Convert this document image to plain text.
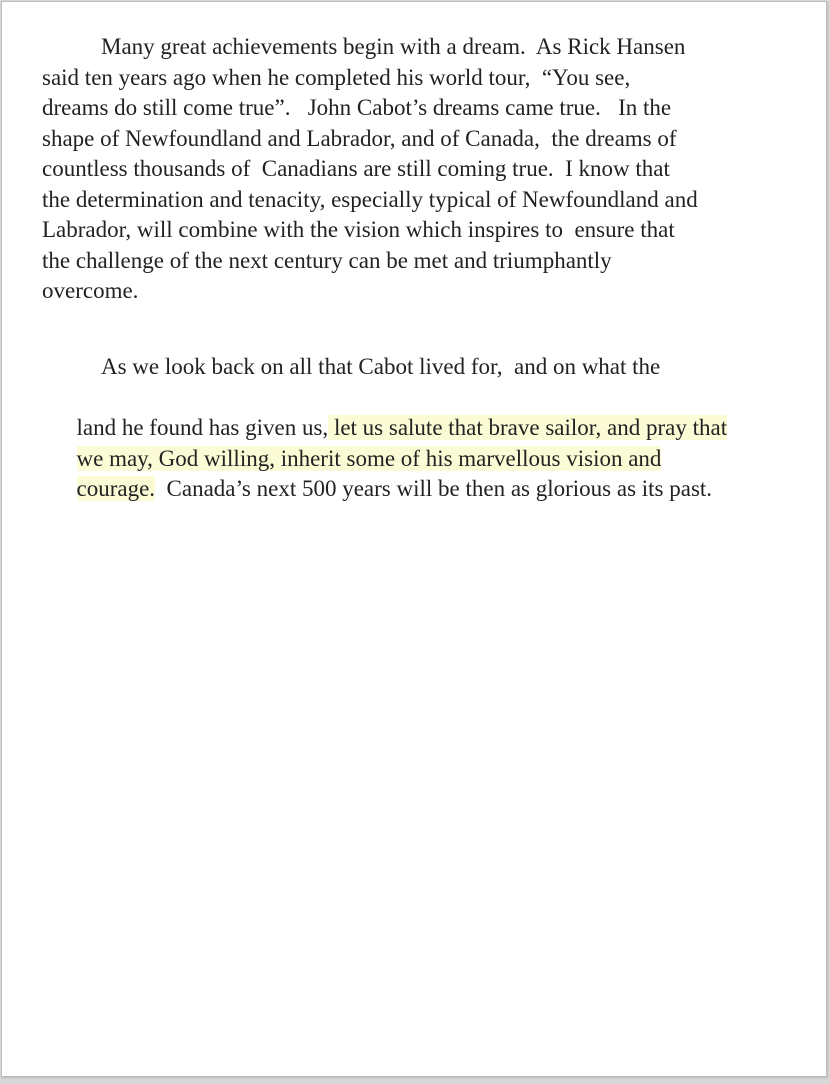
Many great achievements begin with a dream.  As Rick Hansen
said ten years ago when he completed his world tour,  “You see,
dreams do still come true”.   John Cabot’s dreams came true.   In the
shape of Newfoundland and Labrador, and of Canada,  the dreams of
countless thousands of  Canadians are still coming true.  I know that
the determination and tenacity, especially typical of Newfoundland and
Labrador, will combine with the vision which inspires to  ensure that
the challenge of the next century can be met and triumphantly
overcome.

As we look back on all that Cabot lived for,  and on what the

land he found has given us, let us salute that brave sailor, and pray that

we may, God willing, inherit some of his marvellous vision and

courage.  Canada’s next 500 years will be then as glorious as its past.
